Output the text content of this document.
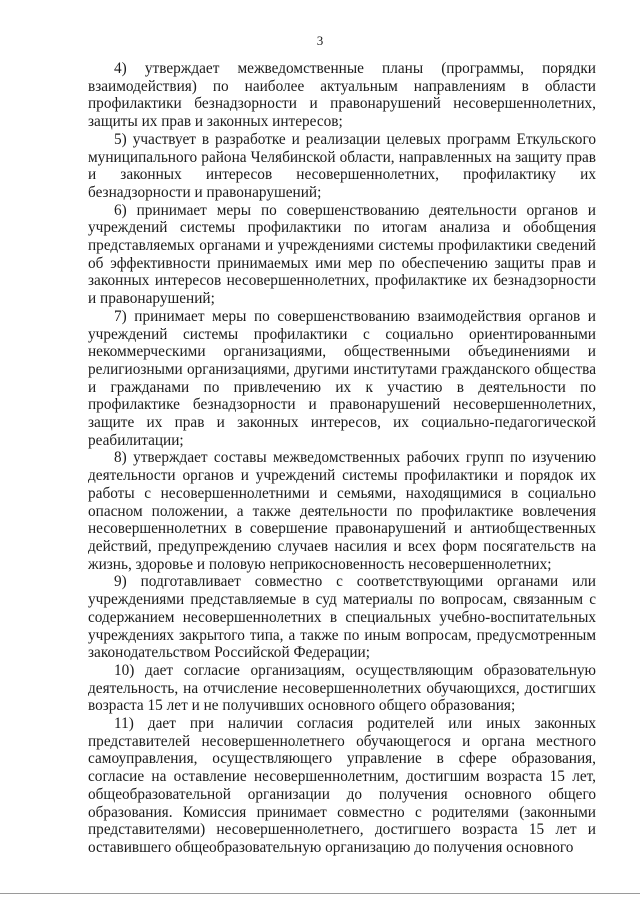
3

4) утверждает межведомственные планы (программы, порядки взаимодействия) по наиболее актуальным направлениям в области профилактики безнадзорности и правонарушений несовершеннолетних, защиты их прав и законных интересов;

5) участвует в разработке и реализации целевых программ Еткульского муниципального района Челябинской области, направленных на защиту прав и законных интересов несовершеннолетних, профилактику их безнадзорности и правонарушений;

6) принимает меры по совершенствованию деятельности органов и учреждений системы профилактики по итогам анализа и обобщения представляемых органами и учреждениями системы профилактики сведений об эффективности принимаемых ими мер по обеспечению защиты прав и законных интересов несовершеннолетних, профилактике их безнадзорности и правонарушений;

7) принимает меры по совершенствованию взаимодействия органов и учреждений системы профилактики с социально ориентированными некоммерческими организациями, общественными объединениями и религиозными организациями, другими институтами гражданского общества и гражданами по привлечению их к участию в деятельности по профилактике безнадзорности и правонарушений несовершеннолетних, защите их прав и законных интересов, их социально-педагогической реабилитации;

8) утверждает составы межведомственных рабочих групп по изучению деятельности органов и учреждений системы профилактики и порядок их работы с несовершеннолетними и семьями, находящимися в социально опасном положении, а также деятельности по профилактике вовлечения несовершеннолетних в совершение правонарушений и антиобщественных действий, предупреждению случаев насилия и всех форм посягательств на жизнь, здоровье и половую неприкосновенность несовершеннолетних;

9) подготавливает совместно с соответствующими органами или учреждениями представляемые в суд материалы по вопросам, связанным с содержанием несовершеннолетних в специальных учебно-воспитательных учреждениях закрытого типа, а также по иным вопросам, предусмотренным законодательством Российской Федерации;

10) дает согласие организациям, осуществляющим образовательную деятельность, на отчисление несовершеннолетних обучающихся, достигших возраста 15 лет и не получивших основного общего образования;

11) дает при наличии согласия родителей или иных законных представителей несовершеннолетнего обучающегося и органа местного самоуправления, осуществляющего управление в сфере образования, согласие на оставление несовершеннолетним, достигшим возраста 15 лет, общеобразовательной организации до получения основного общего образования. Комиссия принимает совместно с родителями (законными представителями) несовершеннолетнего, достигшего возраста 15 лет и оставившего общеобразовательную организацию до получения основного
